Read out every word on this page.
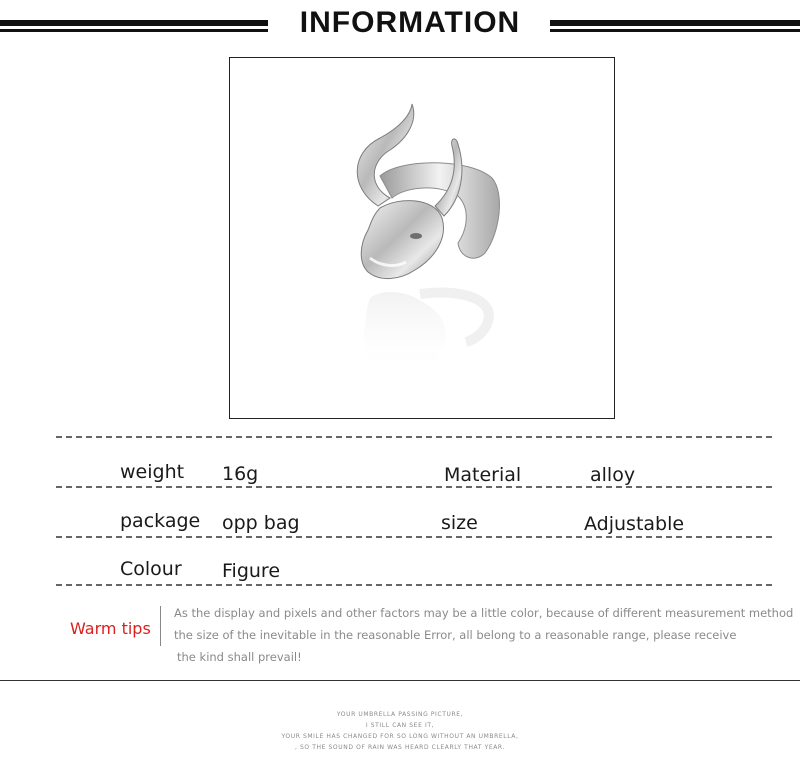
INFORMATION
weight 16g	Material	alloy
package opp bag	size	Adjustable
Colour Figure
Warm tips
As the display and pixels and other factors may be a little color, because of different measurement method
the size of the inevitable in the reasonable Error, all belong to a reasonable range, please receive
the kind shall prevail!
YOUR UMBRELLA PASSING PICTURE,
I STILL CAN SEE IT,
YOUR SMILE HAS CHANGED FOR SO LONG WITHOUT AN UMBRELLA,
, SO THE SOUND OF RAIN WAS HEARD CLEARLY THAT YEAR.
